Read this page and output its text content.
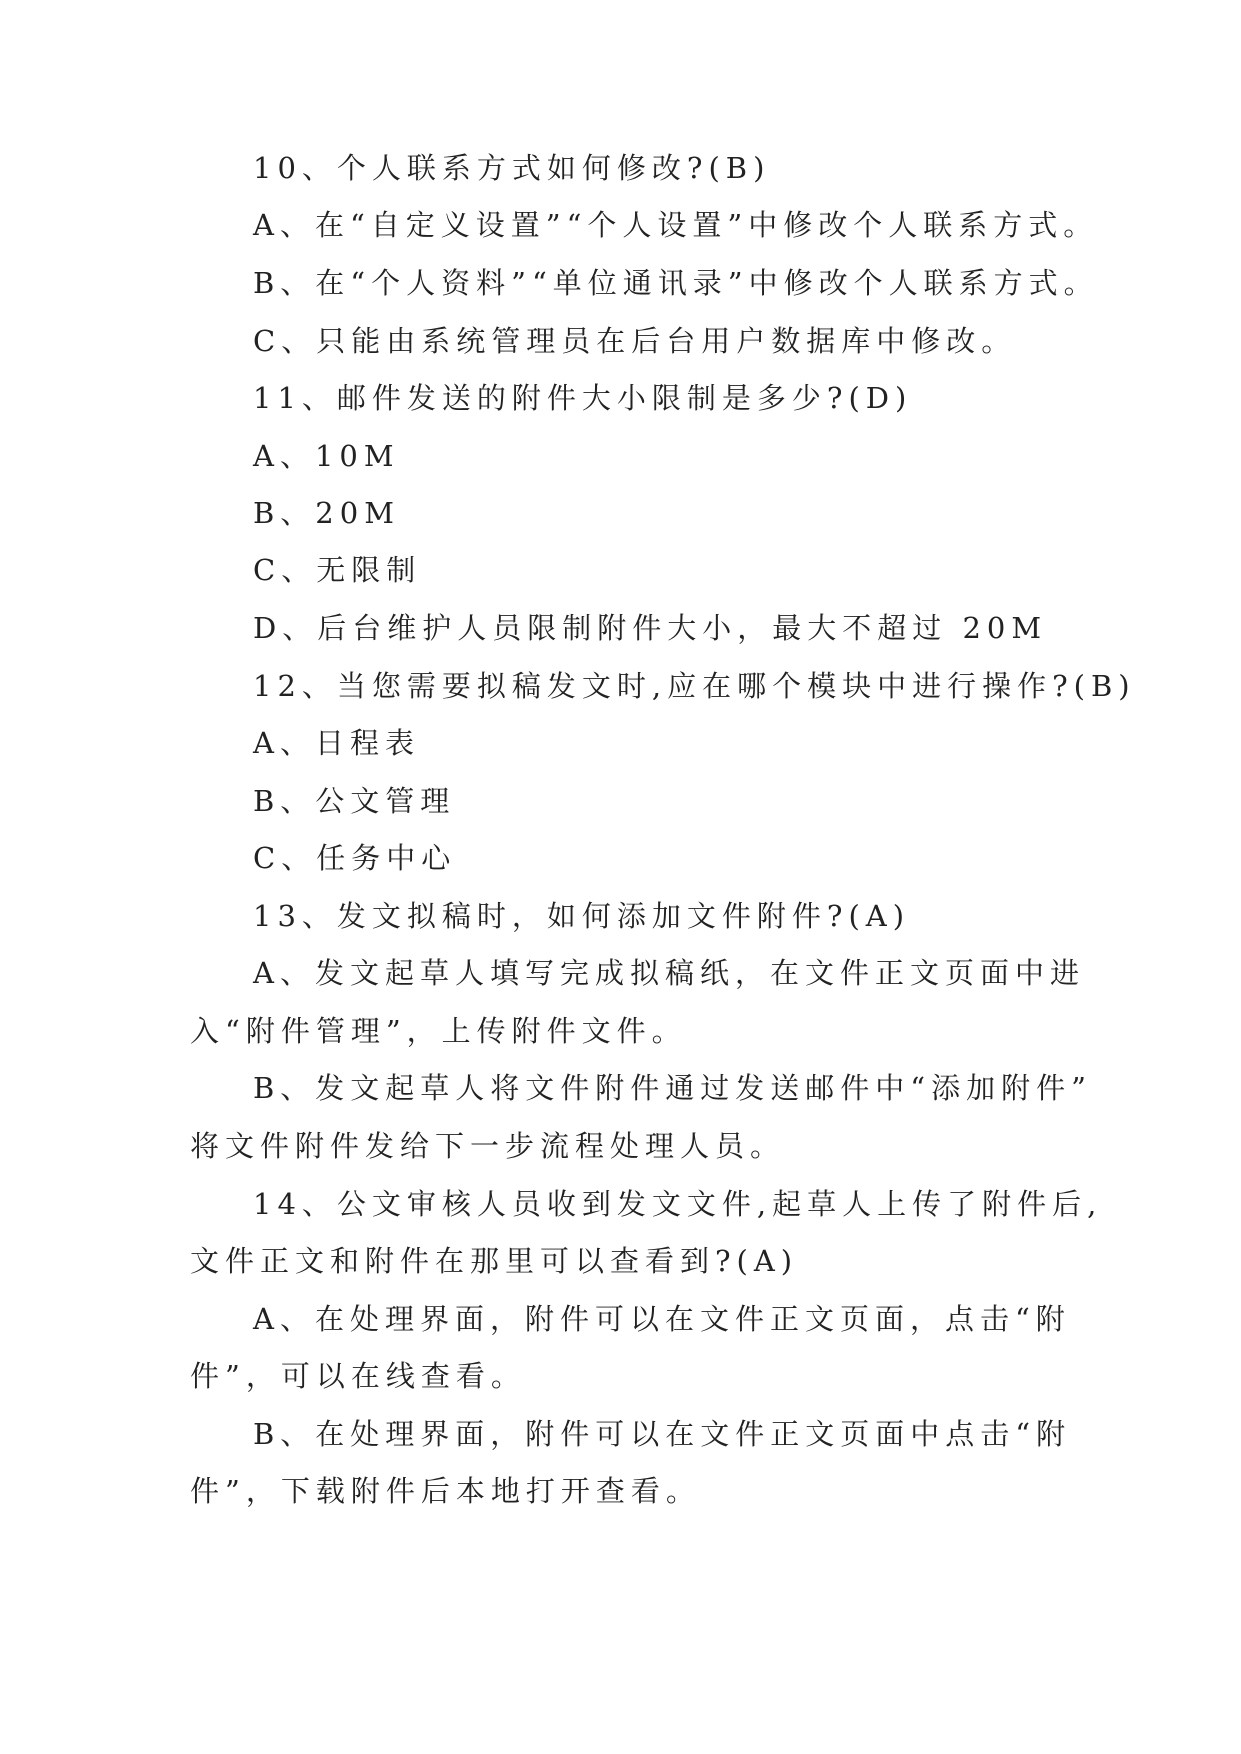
10、个人联系方式如何修改?(B)
A、在“自定义设置”“个人设置”中修改个人联系方式。
B、在“个人资料”“单位通讯录”中修改个人联系方式。
C、只能由系统管理员在后台用户数据库中修改。
11、邮件发送的附件大小限制是多少?(D)
A、10M
B、20M
C、无限制
D、后台维护人员限制附件大小，最大不超过 20M
12、当您需要拟稿发文时,应在哪个模块中进行操作?(B)
A、日程表
B、公文管理
C、任务中心
13、发文拟稿时，如何添加文件附件?(A)
A、发文起草人填写完成拟稿纸，在文件正文页面中进
入“附件管理”，上传附件文件。
B、发文起草人将文件附件通过发送邮件中“添加附件”
将文件附件发给下一步流程处理人员。
14、公文审核人员收到发文文件,起草人上传了附件后,
文件正文和附件在那里可以查看到?(A)
A、在处理界面，附件可以在文件正文页面，点击“附
件”，可以在线查看。
B、在处理界面，附件可以在文件正文页面中点击“附
件”，下载附件后本地打开查看。
